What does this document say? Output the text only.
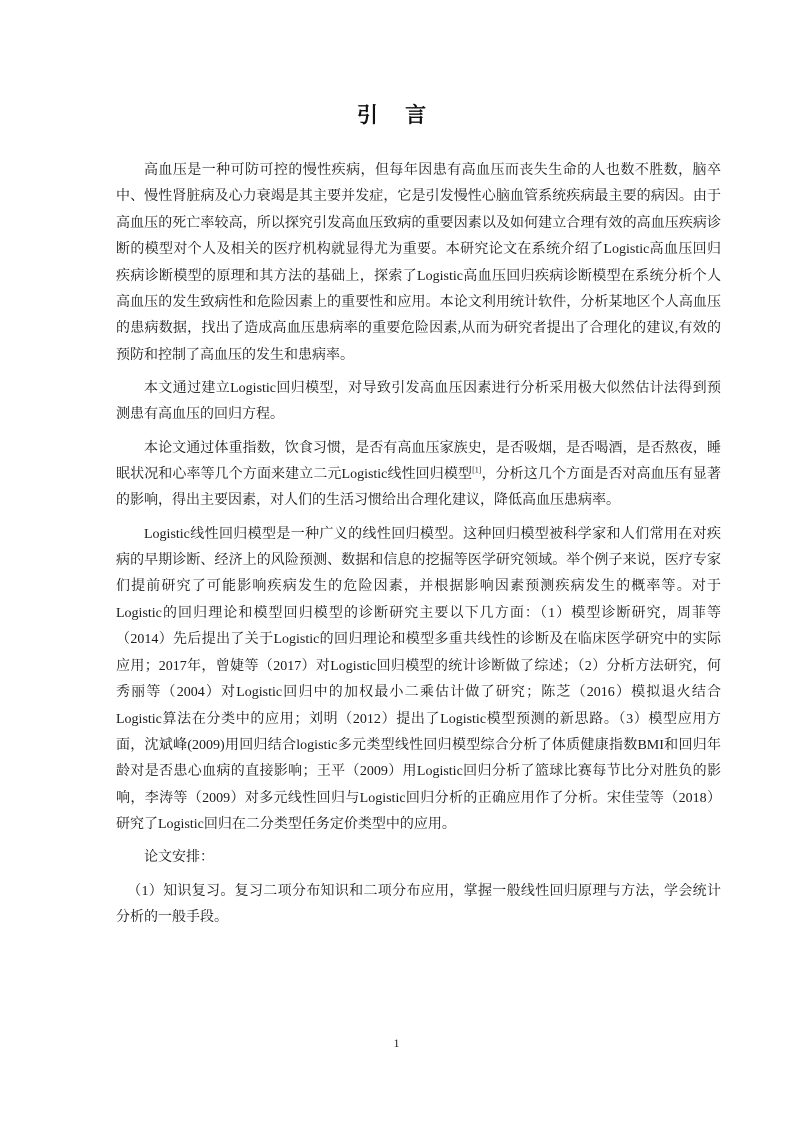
引 言

高血压是一种可防可控的慢性疾病，但每年因患有高血压而丧失生命的人也数不胜数，脑卒中、慢性肾脏病及心力衰竭是其主要并发症，它是引发慢性心脑血管系统疾病最主要的病因。由于高血压的死亡率较高，所以探究引发高血压致病的重要因素以及如何建立合理有效的高血压疾病诊断的模型对个人及相关的医疗机构就显得尤为重要。本研究论文在系统介绍了Logistic高血压回归疾病诊断模型的原理和其方法的基础上，探索了Logistic高血压回归疾病诊断模型在系统分析个人高血压的发生致病性和危险因素上的重要性和应用。本论文利用统计软件，分析某地区个人高血压的患病数据，找出了造成高血压患病率的重要危险因素,从而为研究者提出了合理化的建议,有效的预防和控制了高血压的发生和患病率。

本文通过建立Logistic回归模型，对导致引发高血压因素进行分析采用极大似然估计法得到预测患有高血压的回归方程。

本论文通过体重指数，饮食习惯，是否有高血压家族史，是否吸烟，是否喝酒，是否熬夜，睡眠状况和心率等几个方面来建立二元Logistic线性回归模型[1]，分析这几个方面是否对高血压有显著的影响，得出主要因素，对人们的生活习惯给出合理化建议，降低高血压患病率。

Logistic线性回归模型是一种广义的线性回归模型。这种回归模型被科学家和人们常用在对疾病的早期诊断、经济上的风险预测、数据和信息的挖掘等医学研究领域。举个例子来说，医疗专家们提前研究了可能影响疾病发生的危险因素，并根据影响因素预测疾病发生的概率等。对于Logistic的回归理论和模型回归模型的诊断研究主要以下几方面：（1）模型诊断研究，周菲等（2014）先后提出了关于Logistic的回归理论和模型多重共线性的诊断及在临床医学研究中的实际应用；2017年，曾婕等（2017）对Logistic回归模型的统计诊断做了综述；（2）分析方法研究，何秀丽等（2004）对Logistic回归中的加权最小二乘估计做了研究；陈芝（2016）模拟退火结合Logistic算法在分类中的应用；刘明（2012）提出了Logistic模型预测的新思路。（3）模型应用方面，沈斌峰(2009)用回归结合logistic多元类型线性回归模型综合分析了体质健康指数BMI和回归年龄对是否患心血病的直接影响；王平（2009）用Logistic回归分析了篮球比赛每节比分对胜负的影响，李涛等（2009）对多元线性回归与Logistic回归分析的正确应用作了分析。宋佳莹等（2018）研究了Logistic回归在二分类型任务定价类型中的应用。

论文安排：

（1）知识复习。复习二项分布知识和二项分布应用，掌握一般线性回归原理与方法，学会统计分析的一般手段。

1
